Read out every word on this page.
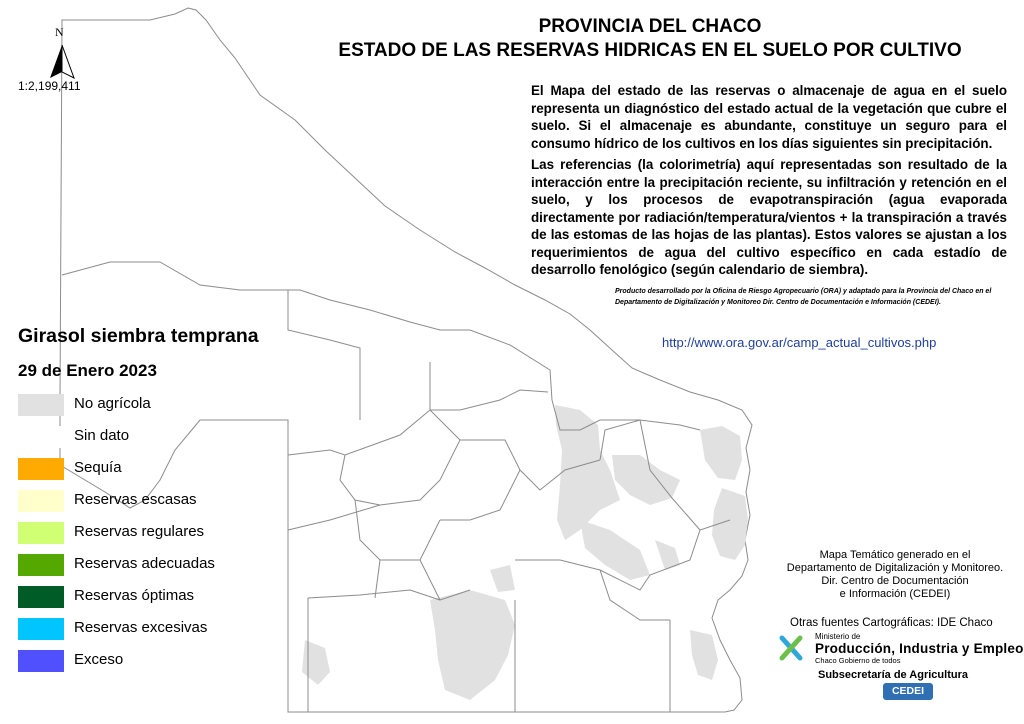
N
1:2,199,411
PROVINCIA DEL CHACO
ESTADO DE LAS RESERVAS HIDRICAS EN EL SUELO POR CULTIVO
El Mapa del estado de las reservas o almacenaje de agua en el suelo representa un diagnóstico del estado actual de la vegetación que cubre el suelo. Si el almacenaje es abundante, constituye un seguro para el consumo hídrico de los cultivos en los días siguientes sin precipitación.
Las referencias (la colorimetría) aquí representadas son resultado de la interacción entre la precipitación reciente, su infiltración y retención en el suelo, y los procesos de evapotranspiración (agua evaporada directamente por radiación/temperatura/vientos + la transpiración a través de las estomas de las hojas de las plantas). Estos valores se ajustan a los requerimientos de agua del cultivo específico en cada estadío de desarrollo fenológico (según calendario de siembra).
Producto desarrollado por la Oficina de Riesgo Agropecuario (ORA) y adaptado para la Provincia del Chaco en el Departamento de Digitalización y Monitoreo Dir. Centro de Documentación e Información (CEDEI).
http://www.ora.gov.ar/camp_actual_cultivos.php
Girasol siembra temprana
29 de Enero 2023
No agrícola
Sin dato
Sequía
Reservas escasas
Reservas regulares
Reservas adecuadas
Reservas óptimas
Reservas excesivas
Exceso
Mapa Temático generado en el
Departamento de Digitalización y Monitoreo.
Dir. Centro de Documentación
e Información (CEDEI)
Otras fuentes Cartográficas: IDE Chaco
Ministerio de
Producción, Industria y Empleo
Chaco Gobierno de todos
Subsecretaría de Agricultura
CEDEI
